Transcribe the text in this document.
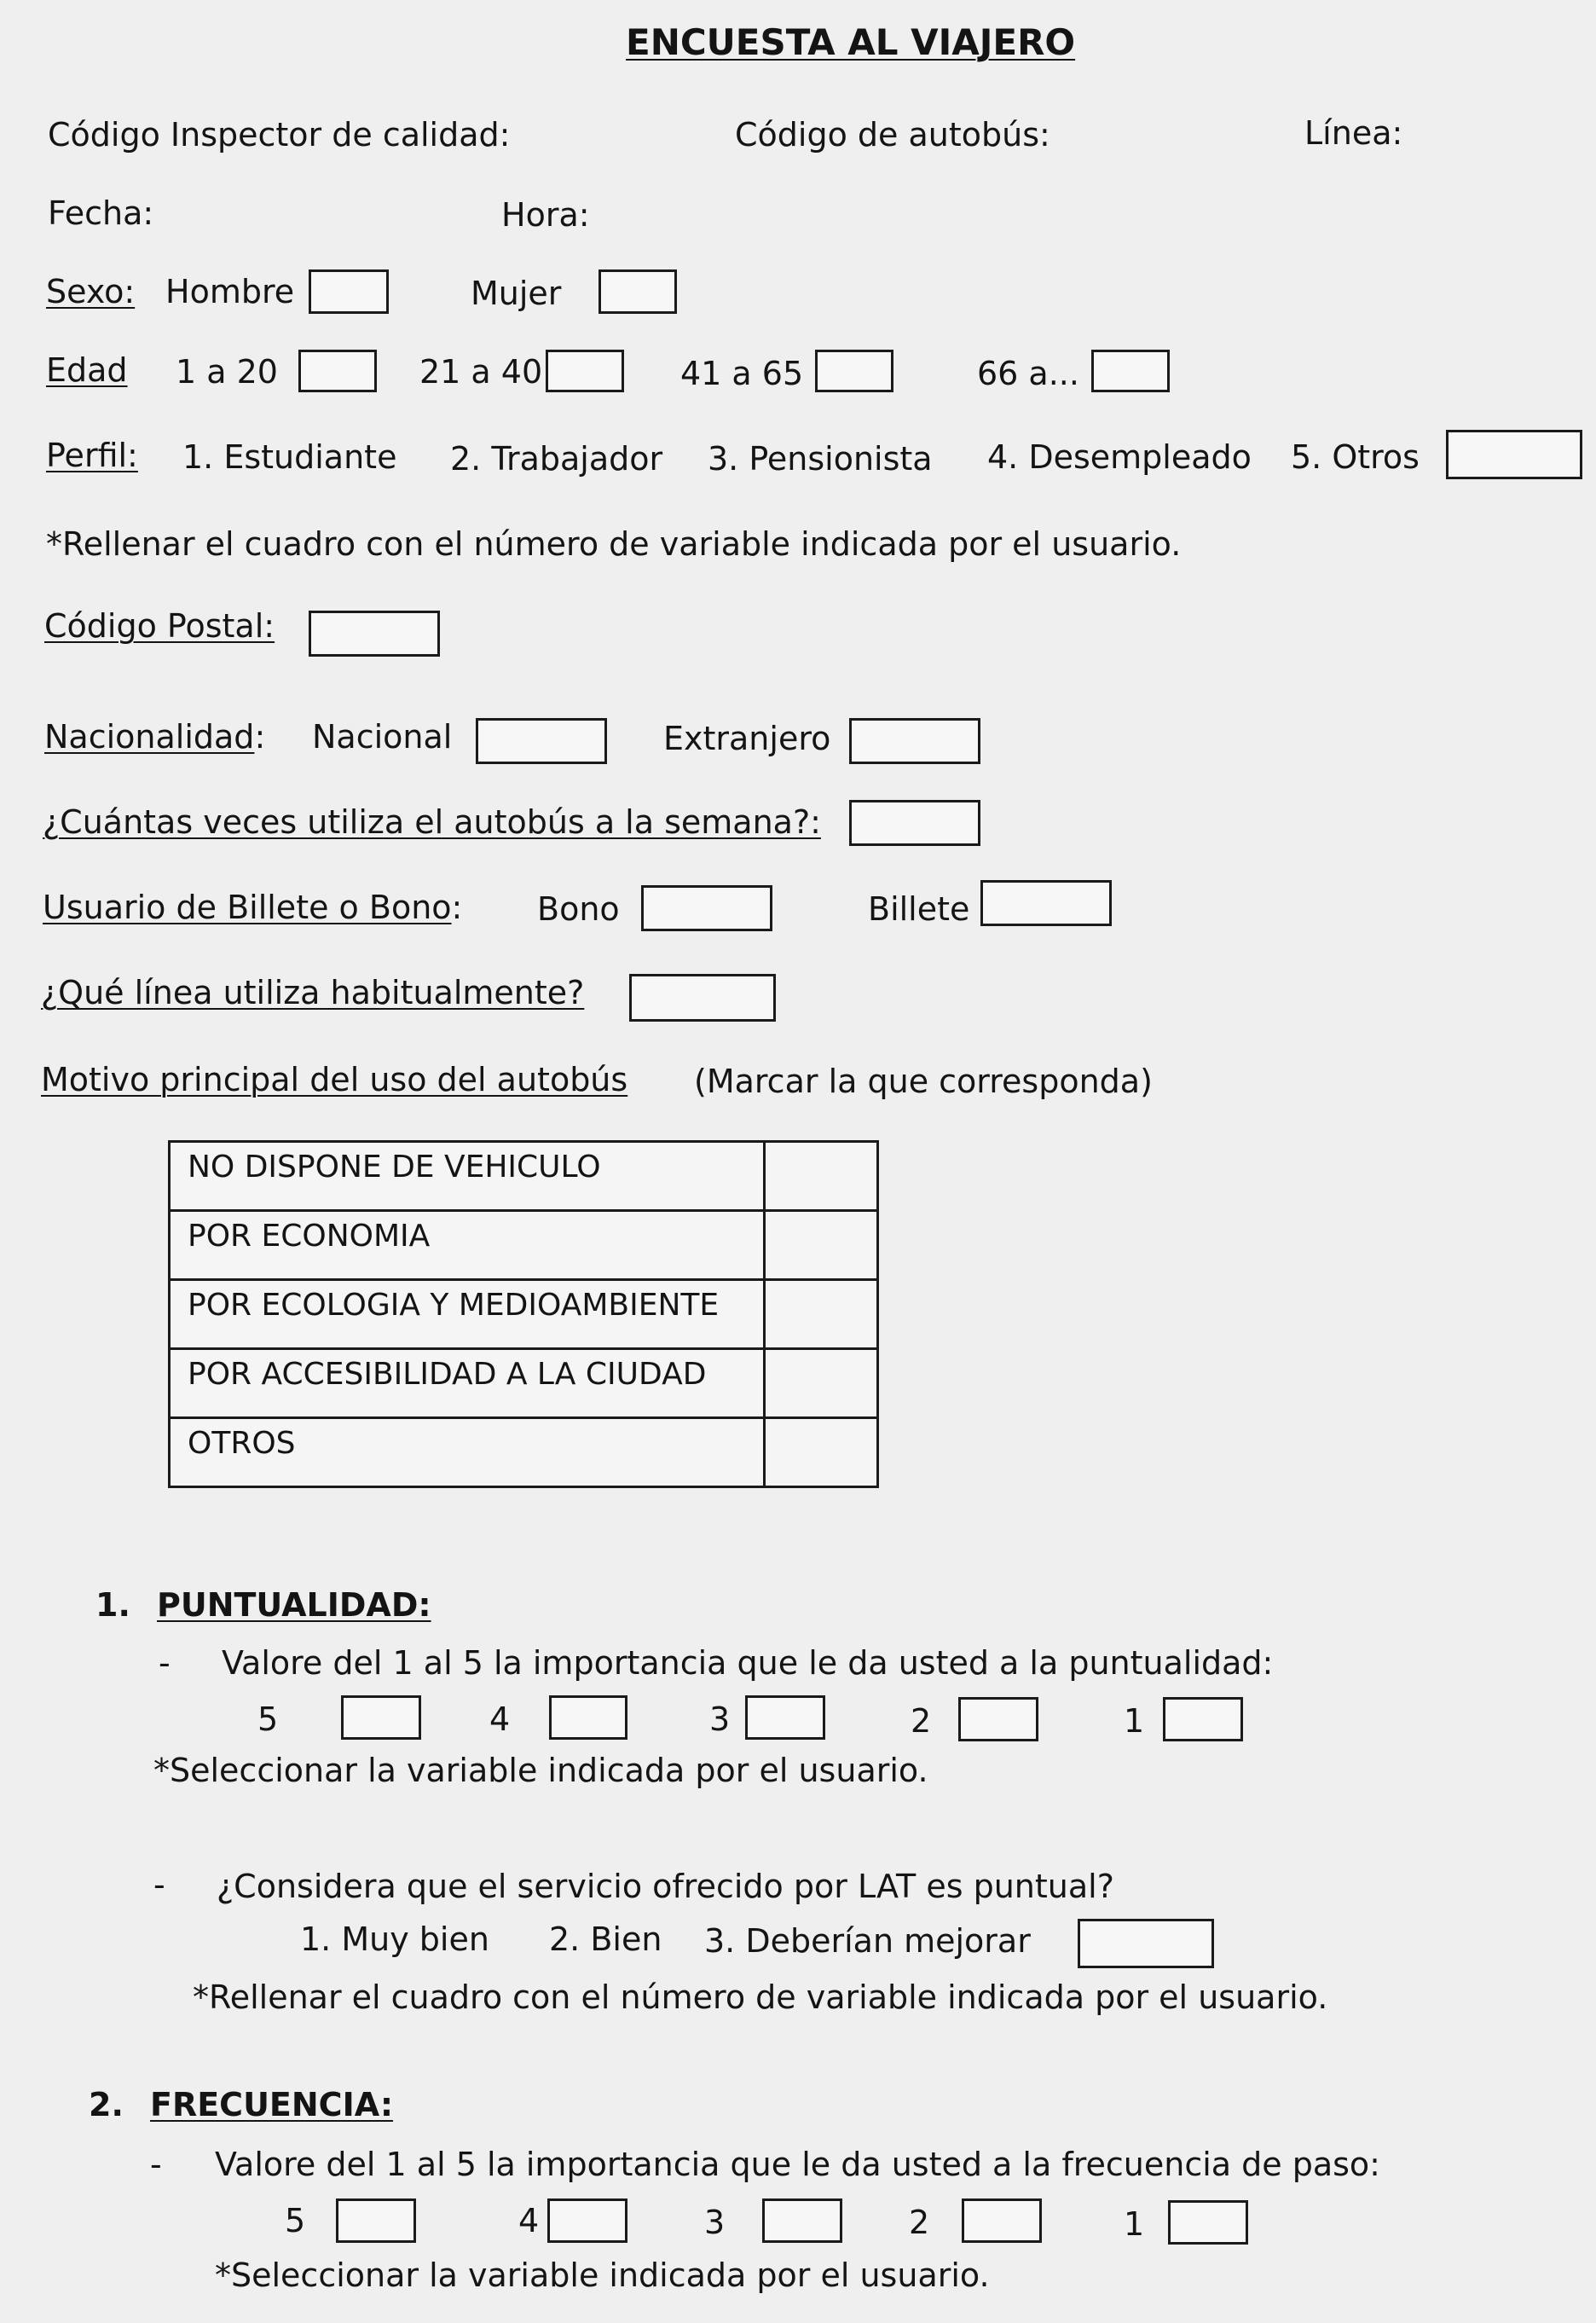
ENCUESTA AL VIAJERO
Código Inspector de calidad:	Código de autobús:	Línea:
Fecha:	Hora:
Sexo: Hombre	Mujer
Edad 1 a 20	21 a 40	41 a 65	66 a...
Perfil: 1. Estudiante 2. Trabajador 3. Pensionista 4. Desempleado 5. Otros
*Rellenar el cuadro con el número de variable indicada por el usuario.
Código Postal:
Nacionalidad: Nacional	Extranjero
¿Cuántas veces utiliza el autobús a la semana?:
Usuario de Billete o Bono: Bono	Billete
¿Qué línea utiliza habitualmente?
Motivo principal del uso del autobús (Marcar la que corresponda)
NO DISPONE DE VEHICULO	
POR ECONOMIA	
POR ECOLOGIA Y MEDIOAMBIENTE	
POR ACCESIBILIDAD A LA CIUDAD	
OTROS	
1. PUNTUALIDAD:
- Valore del 1 al 5 la importancia que le da usted a la puntualidad:
5	4	3	2	1
*Seleccionar la variable indicada por el usuario.
- ¿Considera que el servicio ofrecido por LAT es puntual?
1. Muy bien 2. Bien 3. Deberían mejorar
*Rellenar el cuadro con el número de variable indicada por el usuario.
2. FRECUENCIA:
- Valore del 1 al 5 la importancia que le da usted a la frecuencia de paso:
5	4	3	2	1
*Seleccionar la variable indicada por el usuario.
